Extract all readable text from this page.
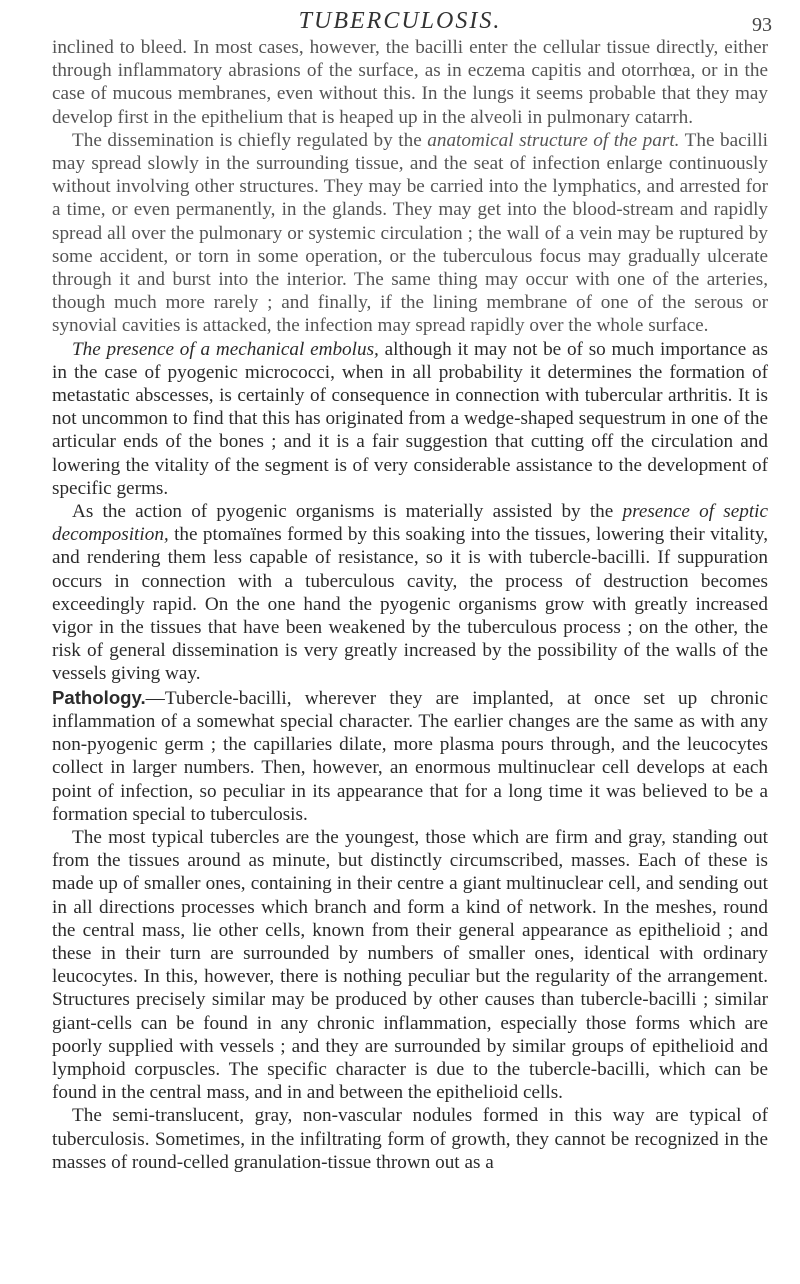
TUBERCULOSIS.	93

inclined to bleed. In most cases, however, the bacilli enter the cellular tissue directly, either through inflammatory abrasions of the surface, as in eczema capitis and otorrhœa, or in the case of mucous membranes, even without this. In the lungs it seems probable that they may develop first in the epithelium that is heaped up in the alveoli in pulmonary catarrh.

The dissemination is chiefly regulated by the anatomical structure of the part. The bacilli may spread slowly in the surrounding tissue, and the seat of infection enlarge continuously without involving other structures. They may be carried into the lymphatics, and arrested for a time, or even permanently, in the glands. They may get into the blood-stream and rapidly spread all over the pulmonary or systemic circulation ; the wall of a vein may be ruptured by some accident, or torn in some operation, or the tuberculous focus may gradually ulcerate through it and burst into the interior. The same thing may occur with one of the arteries, though much more rarely ; and finally, if the lining membrane of one of the serous or synovial cavities is attacked, the infection may spread rapidly over the whole surface.

The presence of a mechanical embolus, although it may not be of so much importance as in the case of pyogenic micrococci, when in all probability it determines the formation of metastatic abscesses, is certainly of consequence in connection with tubercular arthritis. It is not uncommon to find that this has originated from a wedge-shaped sequestrum in one of the articular ends of the bones ; and it is a fair suggestion that cutting off the circulation and lowering the vitality of the segment is of very considerable assistance to the development of specific germs.

As the action of pyogenic organisms is materially assisted by the presence of septic decomposition, the ptomaïnes formed by this soaking into the tissues, lowering their vitality, and rendering them less capable of resistance, so it is with tubercle-bacilli. If suppuration occurs in connection with a tuberculous cavity, the process of destruction becomes exceedingly rapid. On the one hand the pyogenic organisms grow with greatly increased vigor in the tissues that have been weakened by the tuberculous process ; on the other, the risk of general dissemination is very greatly increased by the possibility of the walls of the vessels giving way.

Pathology.—Tubercle-bacilli, wherever they are implanted, at once set up chronic inflammation of a somewhat special character. The earlier changes are the same as with any non-pyogenic germ ; the capillaries dilate, more plasma pours through, and the leucocytes collect in larger numbers. Then, however, an enormous multinuclear cell develops at each point of infection, so peculiar in its appearance that for a long time it was believed to be a formation special to tuberculosis.

The most typical tubercles are the youngest, those which are firm and gray, standing out from the tissues around as minute, but distinctly circumscribed, masses. Each of these is made up of smaller ones, containing in their centre a giant multinuclear cell, and sending out in all directions processes which branch and form a kind of network. In the meshes, round the central mass, lie other cells, known from their general appearance as epithelioid ; and these in their turn are surrounded by numbers of smaller ones, identical with ordinary leucocytes. In this, however, there is nothing peculiar but the regularity of the arrangement. Structures precisely similar may be produced by other causes than tubercle-bacilli ; similar giant-cells can be found in any chronic inflammation, especially those forms which are poorly supplied with vessels ; and they are surrounded by similar groups of epithelioid and lymphoid corpuscles. The specific character is due to the tubercle-bacilli, which can be found in the central mass, and in and between the epithelioid cells.

The semi-translucent, gray, non-vascular nodules formed in this way are typical of tuberculosis. Sometimes, in the infiltrating form of growth, they cannot be recognized in the masses of round-celled granulation-tissue thrown out as a
